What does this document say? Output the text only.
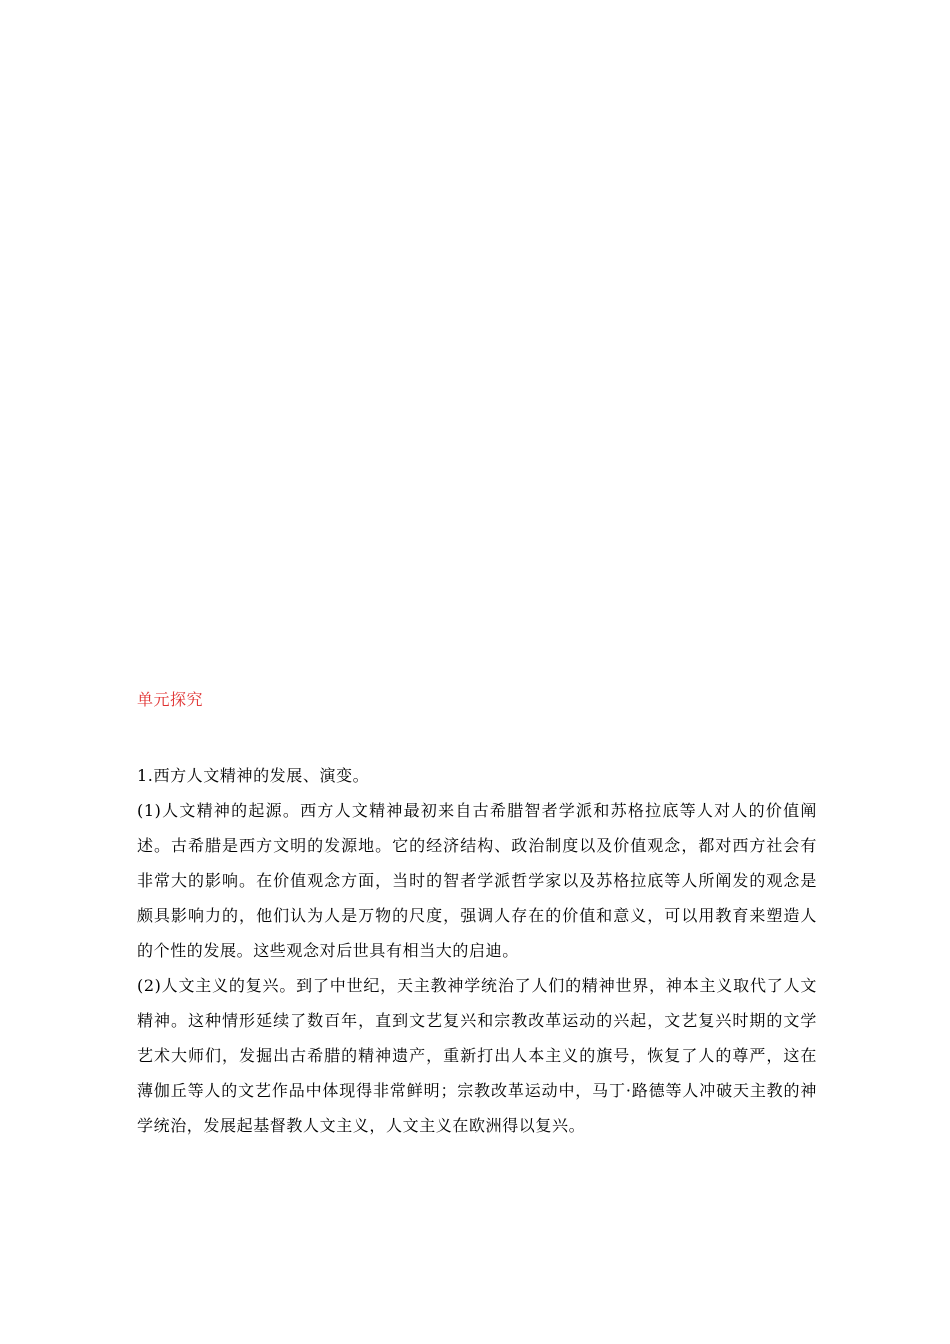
单元探究

1.西方人文精神的发展、演变。

(1)人文精神的起源。西方人文精神最初来自古希腊智者学派和苏格拉底等人对人的价值阐述。古希腊是西方文明的发源地。它的经济结构、政治制度以及价值观念，都对西方社会有非常大的影响。在价值观念方面，当时的智者学派哲学家以及苏格拉底等人所阐发的观念是颇具影响力的，他们认为人是万物的尺度，强调人存在的价值和意义，可以用教育来塑造人的个性的发展。这些观念对后世具有相当大的启迪。

(2)人文主义的复兴。到了中世纪，天主教神学统治了人们的精神世界，神本主义取代了人文精神。这种情形延续了数百年，直到文艺复兴和宗教改革运动的兴起，文艺复兴时期的文学艺术大师们，发掘出古希腊的精神遗产，重新打出人本主义的旗号，恢复了人的尊严，这在薄伽丘等人的文艺作品中体现得非常鲜明；宗教改革运动中，马丁·路德等人冲破天主教的神学统治，发展起基督教人文主义，人文主义在欧洲得以复兴。
